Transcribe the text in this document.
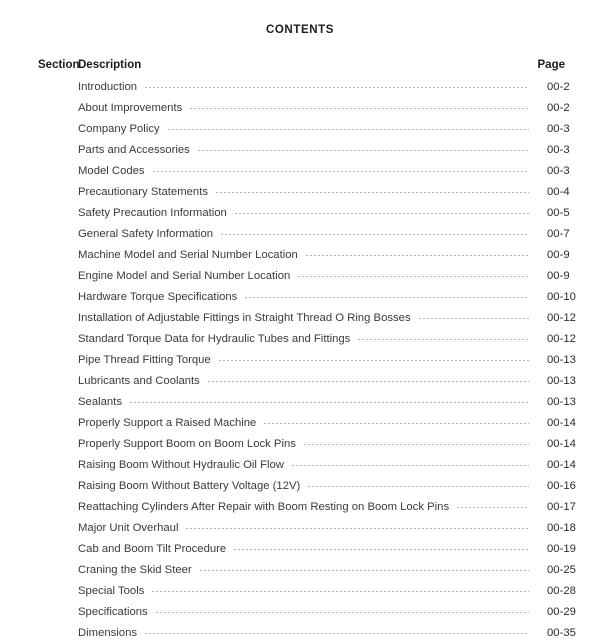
CONTENTS
Section
Description	Page
Introduction	00-2
About Improvements	00-2
Company Policy	00-3
Parts and Accessories	00-3
Model Codes	00-3
Precautionary Statements	00-4
Safety Precaution Information	00-5
General Safety Information	00-7
Machine Model and Serial Number Location	00-9
Engine Model and Serial Number Location	00-9
Hardware Torque Specifications	00-10
Installation of Adjustable Fittings in Straight Thread O Ring Bosses	00-12
Standard Torque Data for Hydraulic Tubes and Fittings	00-12
Pipe Thread Fitting Torque	00-13
Lubricants and Coolants	00-13
Sealants	00-13
Properly Support a Raised Machine	00-14
Properly Support Boom on Boom Lock Pins	00-14
Raising Boom Without Hydraulic Oil Flow	00-14
Raising Boom Without Battery Voltage (12V)	00-16
Reattaching Cylinders After Repair with Boom Resting on Boom Lock Pins	00-17
Major Unit Overhaul	00-18
Cab and Boom Tilt Procedure	00-19
Craning the Skid Steer	00-25
Special Tools	00-28
Specifications	00-29
Dimensions	00-35
